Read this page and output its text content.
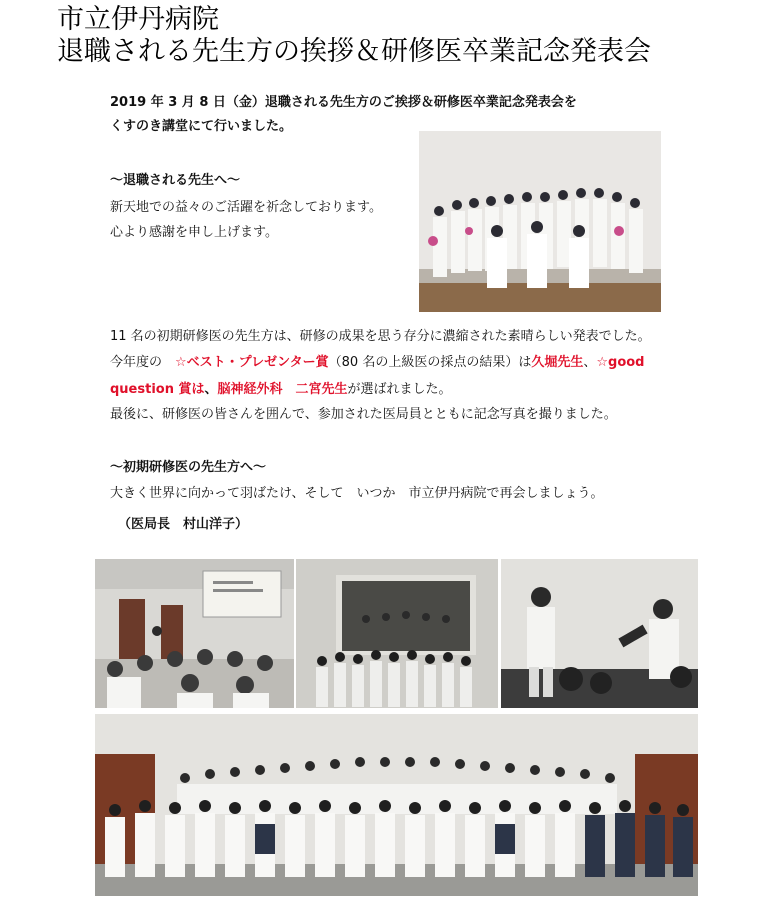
市立伊丹病院
退職される先生方の挨拶＆研修医卒業記念発表会
2019 年 3 月 8 日（金）退職される先生方のご挨拶＆研修医卒業記念発表会を
くすのき講堂にて行いました。
～退職される先生へ～
新天地での益々のご活躍を祈念しております。
心より感謝を申し上げます。
11 名の初期研修医の先生方は、研修の成果を思う存分に濃縮された素晴らしい発表でした。
今年度の　☆ベスト・プレゼンター賞（80 名の上級医の採点の結果）は久堀先生、☆good
question 賞は、脳神経外科　二宮先生が選ばれました。
最後に、研修医の皆さんを囲んで、参加された医局員とともに記念写真を撮りました。
～初期研修医の先生方へ～
大きく世界に向かって羽ばたけ、そして　いつか　市立伊丹病院で再会しましょう。
（医局長　村山洋子）
